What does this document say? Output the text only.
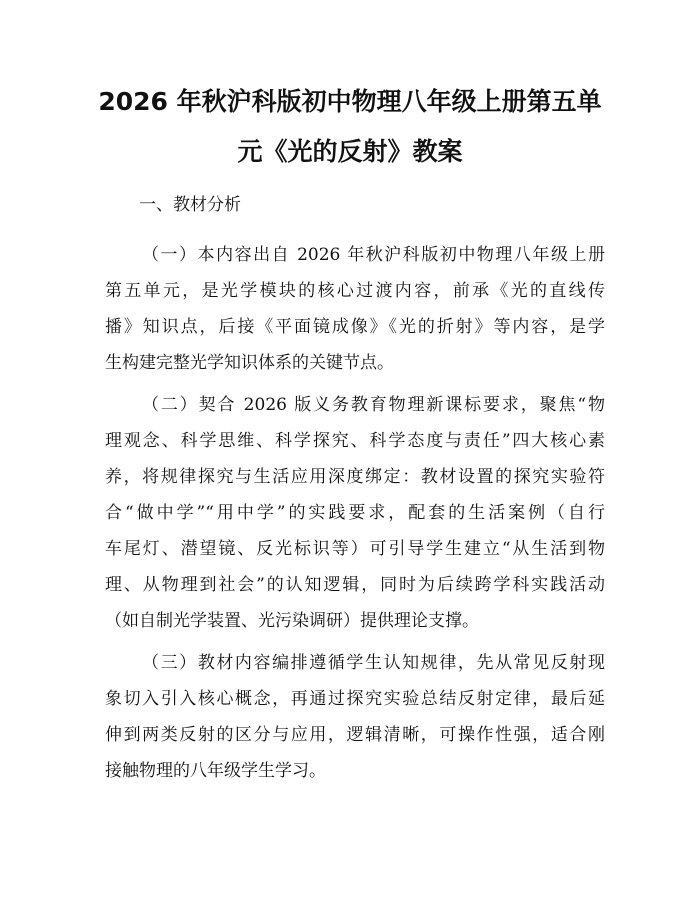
2026 年秋沪科版初中物理八年级上册第五单
元《光的反射》教案

一、教材分析

（一）本内容出自 2026 年秋沪科版初中物理八年级上册
第五单元，是光学模块的核心过渡内容，前承《光的直线传
播》知识点，后接《平面镜成像》《光的折射》等内容，是学
生构建完整光学知识体系的关键节点。
（二）契合 2026 版义务教育物理新课标要求，聚焦“物
理观念、科学思维、科学探究、科学态度与责任”四大核心素
养，将规律探究与生活应用深度绑定：教材设置的探究实验符
合“做中学”“用中学”的实践要求，配套的生活案例（自行
车尾灯、潜望镜、反光标识等）可引导学生建立“从生活到物
理、从物理到社会”的认知逻辑，同时为后续跨学科实践活动
（如自制光学装置、光污染调研）提供理论支撑。
（三）教材内容编排遵循学生认知规律，先从常见反射现
象切入引入核心概念，再通过探究实验总结反射定律，最后延
伸到两类反射的区分与应用，逻辑清晰，可操作性强，适合刚
接触物理的八年级学生学习。
